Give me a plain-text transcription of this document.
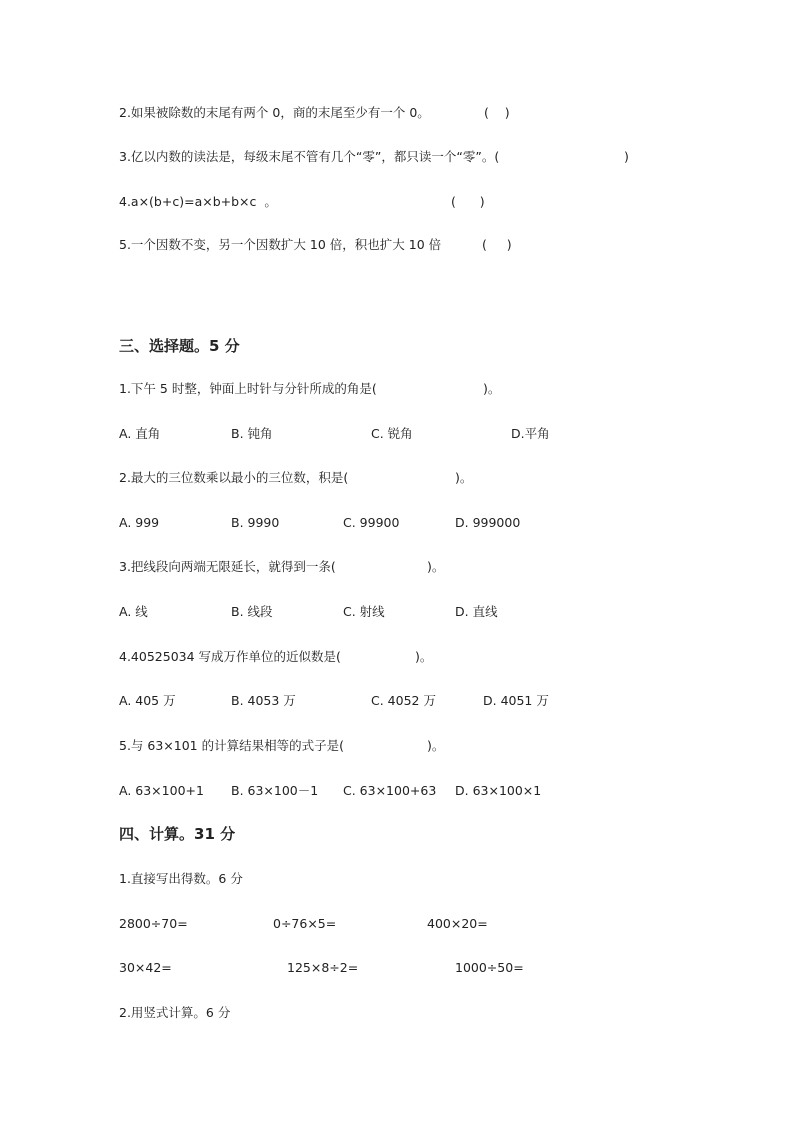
2.如果被除数的末尾有两个 0，商的末尾至少有一个 0。	(    )
3.亿以内数的读法是，每级末尾不管有几个“零”，都只读一个“零”。(	)
4.a×(b+c)=a×b+b×c  。	(      )
5.一个因数不变，另一个因数扩大 10 倍，积也扩大 10 倍	(     )
三、选择题。5 分
1.下午 5 时整，钟面上时针与分针所成的角是(	)。
A. 直角	B. 钝角	C. 锐角	D.平角
2.最大的三位数乘以最小的三位数，积是(	)。
A. 999	B. 9990	C. 99900	D. 999000
3.把线段向两端无限延长，就得到一条(	)。
A. 线	B. 线段	C. 射线	D. 直线
4.40525034 写成万作单位的近似数是(	)。
A. 405 万	B. 4053 万	C. 4052 万	D. 4051 万
5.与 63×101 的计算结果相等的式子是(	)。
A. 63×100+1 B. 63×100－1 C. 63×100+63 D. 63×100×1
四、计算。31 分
1.直接写出得数。6 分
2800÷70=	0÷76×5=	400×20=
30×42=	125×8÷2=	1000÷50=
2.用竖式计算。6 分
